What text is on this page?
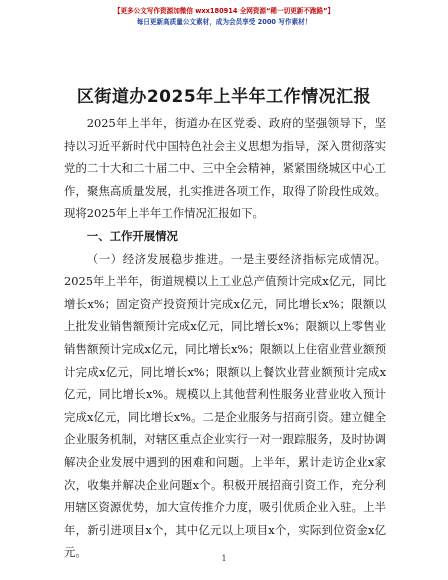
【更多公文写作资源加微信 wxx180914 全网资源“稀一切更新不跑路”】
每日更新高质量公文素材，成为会员享受 2000 写作素材！
区街道办2025年上半年工作情况汇报

2025年上半年，街道办在区党委、政府的坚强领导下，坚持以习近平新时代中国特色社会主义思想为指导，深入贯彻落实党的二十大和二十届二中、三中全会精神，紧紧围绕城区中心工作，聚焦高质量发展，扎实推进各项工作，取得了阶段性成效。现将2025年上半年工作情况汇报如下。

一、工作开展情况

（一）经济发展稳步推进。一是主要经济指标完成情况。2025年上半年，街道规模以上工业总产值预计完成x亿元，同比增长x%；固定资产投资预计完成x亿元，同比增长x%；限额以上批发业销售额预计完成x亿元，同比增长x%；限额以上零售业销售额预计完成x亿元，同比增长x%；限额以上住宿业营业额预计完成x亿元，同比增长x%；限额以上餐饮业营业额预计完成x亿元，同比增长x%。规模以上其他营利性服务业营业收入预计完成x亿元，同比增长x%。二是企业服务与招商引资。建立健全企业服务机制，对辖区重点企业实行一对一跟踪服务，及时协调解决企业发展中遇到的困难和问题。上半年，累计走访企业x家次，收集并解决企业问题x个。积极开展招商引资工作，充分利用辖区资源优势，加大宣传推介力度，吸引优质企业入驻。上半年，新引进项目x个，其中亿元以上项目x个，实际到位资金x亿元。	1
